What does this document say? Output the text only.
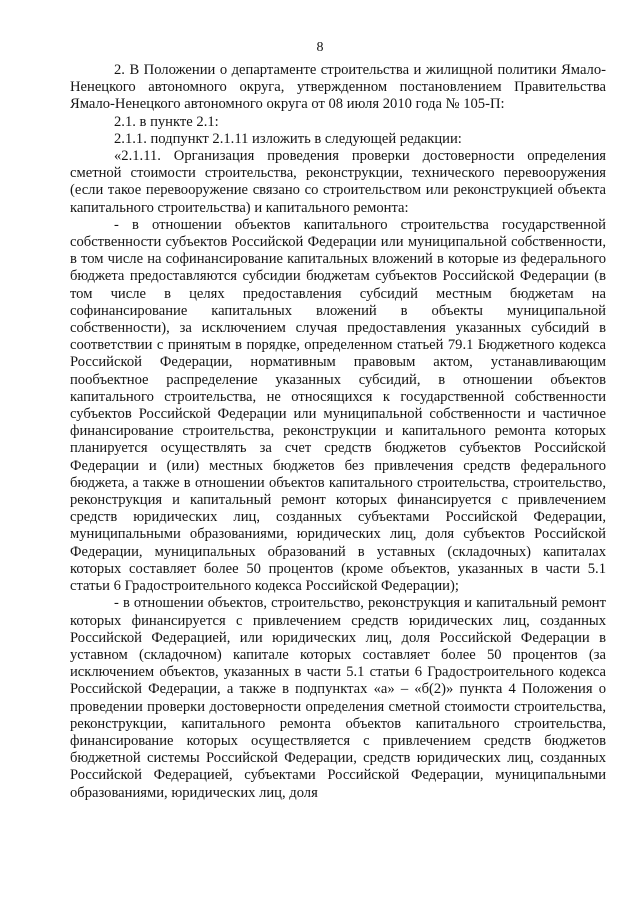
8

2. В Положении о департаменте строительства и жилищной политики Ямало-Ненецкого автономного округа, утвержденном постановлением Правительства Ямало-Ненецкого автономного округа от 08 июля 2010 года № 105-П:

2.1. в пункте 2.1:

2.1.1. подпункт 2.1.11 изложить в следующей редакции:

«2.1.11. Организация проведения проверки достоверности определения сметной стоимости строительства, реконструкции, технического перевооружения (если такое перевооружение связано со строительством или реконструкцией объекта капитального строительства) и капитального ремонта:

- в отношении объектов капитального строительства государственной собственности субъектов Российской Федерации или муниципальной собственности, в том числе на софинансирование капитальных вложений в которые из федерального бюджета предоставляются субсидии бюджетам субъектов Российской Федерации (в том числе в целях предоставления субсидий местным бюджетам на софинансирование капитальных вложений в объекты муниципальной собственности), за исключением случая предоставления указанных субсидий в соответствии с принятым в порядке, определенном статьей 79.1 Бюджетного кодекса Российской Федерации, нормативным правовым актом, устанавливающим пообъектное распределение указанных субсидий, в отношении объектов капитального строительства, не относящихся к государственной собственности субъектов Российской Федерации или муниципальной собственности и частичное финансирование строительства, реконструкции и капитального ремонта которых планируется осуществлять за счет средств бюджетов субъектов Российской Федерации и (или) местных бюджетов без привлечения средств федерального бюджета, а также в отношении объектов капитального строительства, строительство, реконструкция и капитальный ремонт которых финансируется с привлечением средств юридических лиц, созданных субъектами Российской Федерации, муниципальными образованиями, юридических лиц, доля субъектов Российской Федерации, муниципальных образований в уставных (складочных) капиталах которых составляет более 50 процентов (кроме объектов, указанных в части 5.1 статьи 6 Градостроительного кодекса Российской Федерации);

- в отношении объектов, строительство, реконструкция и капитальный ремонт которых финансируется с привлечением средств юридических лиц, созданных Российской Федерацией, или юридических лиц, доля Российской Федерации в уставном (складочном) капитале которых составляет более 50 процентов (за исключением объектов, указанных в части 5.1 статьи 6 Градостроительного кодекса Российской Федерации, а также в подпунктах «а» – «б(2)» пункта 4 Положения о проведении проверки достоверности определения сметной стоимости строительства, реконструкции, капитального ремонта объектов капитального строительства, финансирование которых осуществляется с привлечением средств бюджетов бюджетной системы Российской Федерации, средств юридических лиц, созданных Российской Федерацией, субъектами Российской Федерации, муниципальными образованиями, юридических лиц, доля
